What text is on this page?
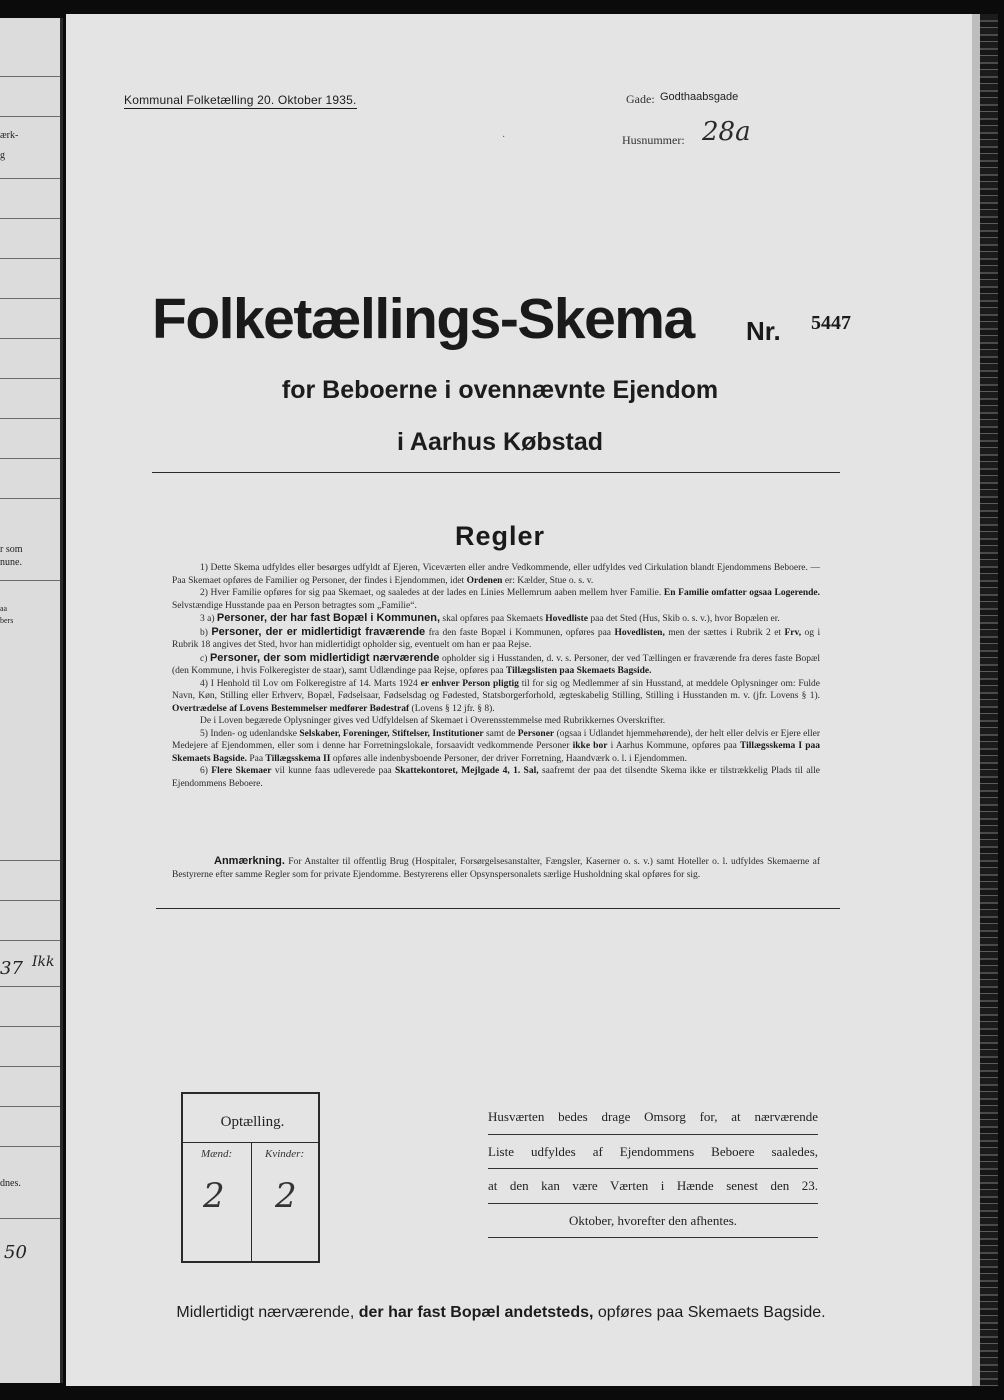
ærk-
g
r som
nune.
aa
bers
37 Ikk
dnes.
50
Kommunal Folketælling 20. Oktober 1935.	Gade: Godthaabsgade
Husnummer: 28a
·
Folketællings-Skema Nr. 5447
for Beboerne i ovennævnte Ejendom
i Aarhus Købstad
Regler

1) Dette Skema udfyldes eller besørges udfyldt af Ejeren, Viceværten eller andre Vedkommende, eller udfyldes ved Cirkulation blandt Ejendommens Beboere. — Paa Skemaet opføres de Familier og Personer, der findes i Ejendommen, idet Ordenen er: Kælder, Stue o. s. v.

2) Hver Familie opføres for sig paa Skemaet, og saaledes at der lades en Linies Mellemrum aaben mellem hver Familie. En Familie omfatter ogsaa Logerende. Selvstændige Husstande paa en Person betragtes som „Familie“.

3 a) Personer, der har fast Bopæl i Kommunen, skal opføres paa Skemaets Hovedliste paa det Sted (Hus, Skib o. s. v.), hvor Bopælen er.

b) Personer, der er midlertidigt fraværende fra den faste Bopæl i Kommunen, opføres paa Hovedlisten, men der sættes i Rubrik 2 et Frv, og i Rubrik 18 angives det Sted, hvor han midlertidigt opholder sig, eventuelt om han er paa Rejse.

c) Personer, der som midlertidigt nærværende opholder sig i Husstanden, d. v. s. Personer, der ved Tællingen er fraværende fra deres faste Bopæl (den Kommune, i hvis Folkeregister de staar), samt Udlændinge paa Rejse, opføres paa Tillægslisten paa Skemaets Bagside.

4) I Henhold til Lov om Folkeregistre af 14. Marts 1924 er enhver Person pligtig til for sig og Medlemmer af sin Husstand, at meddele Oplysninger om: Fulde Navn, Køn, Stilling eller Erhverv, Bopæl, Fødselsaar, Fødselsdag og Fødested, Statsborgerforhold, ægteskabelig Stilling, Stilling i Husstanden m. v. (jfr. Lovens § 1). Overtrædelse af Lovens Bestemmelser medfører Bødestraf (Lovens § 12 jfr. § 8).

De i Loven begærede Oplysninger gives ved Udfyldelsen af Skemaet i Overensstemmelse med Rubrikkernes Overskrifter.

5) Inden- og udenlandske Selskaber, Foreninger, Stiftelser, Institutioner samt de Personer (ogsaa i Udlandet hjemmehørende), der helt eller delvis er Ejere eller Medejere af Ejendommen, eller som i denne har Forretningslokale, forsaavidt vedkommende Personer ikke bor i Aarhus Kommune, opføres paa Tillægsskema I paa Skemaets Bagside. Paa Tillægsskema II opføres alle indenbysboende Personer, der driver Forretning, Haandværk o. l. i Ejendommen.

6) Flere Skemaer vil kunne faas udleverede paa Skattekontoret, Mejlgade 4, 1. Sal, saafremt der paa det tilsendte Skema ikke er tilstrækkelig Plads til alle Ejendommens Beboere.

Anmærkning. For Anstalter til offentlig Brug (Hospitaler, Forsørgelsesanstalter, Fængsler, Kaserner o. s. v.) samt Hoteller o. l. udfyldes Skemaerne af Bestyrerne efter samme Regler som for private Ejendomme. Bestyrerens eller Opsynspersonalets særlige Husholdning skal opføres for sig.

Optælling.
Mænd:	Kvinder:
2 2
Husværten bedes drage Omsorg for, at nærværende
Liste udfyldes af Ejendommens Beboere saaledes,
at den kan være Værten i Hænde senest den 23.
Oktober, hvorefter den afhentes.
Midlertidigt nærværende, der har fast Bopæl andetsteds, opføres paa Skemaets Bagside.
